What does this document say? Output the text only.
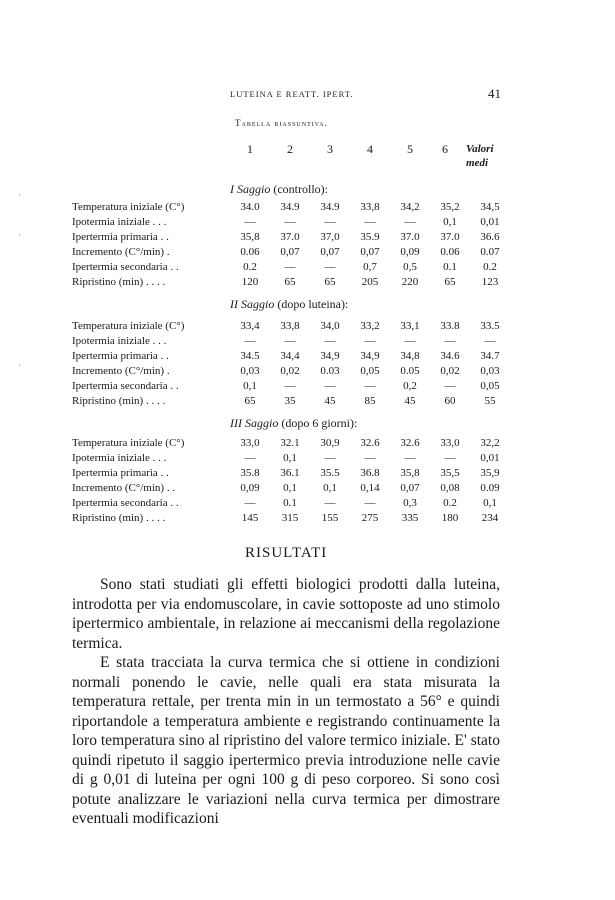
LUTEINA E REATT. IPERT.	41
Tabella riassuntiva.
1	2	3	4	5	6	Valori
medi
I Saggio (controllo):
Temperatura iniziale (C°)	34.0	34.9	34.9	33,8	34,2	35,2	34,5
Ipotermia iniziale . . .	—	—	—	—	—	0,1	0,01
Ipertermia primaria . .	35,8	37.0	37,0	35.9	37.0	37.0	36.6
Incremento (C°/min) .	0.06	0,07	0,07	0,07	0,09	0.06	0.07
Ipertermia secondaria . .	0.2	—	—	0,7	0,5	0.1	0.2
Ripristino (min) . . . .	120	65	65	205	220	65	123
II Saggio (dopo luteina):
Temperatura iniziale (C°)	33,4	33,8	34,0	33,2	33,1	33.8	33.5
Ipotermia iniziale . . .	—	—	—	—	—	—	—
Ipertermia primaria . .	34.5	34,4	34,9	34,9	34,8	34.6	34.7
Incremento (C°/min) .	0,03	0,02	0.03	0,05	0.05	0,02	0,03
Ipertermia secondaria . .	0,1	—	—	—	0,2	—	0,05
Ripristino (min) . . . .	65	35	45	85	45	60	55
III Saggio (dopo 6 giorni):
Temperatura iniziale (C°)	33,0	32.1	30,9	32.6	32.6	33,0	32,2
Ipotermia iniziale . . .	—	0,1	—	—	—	—	0,01
Ipertermia primaria . .	35.8	36.1	35.5	36.8	35,8	35,5	35,9
Incremento (C°/min) . .	0,09	0,1	0,1	0,14	0,07	0,08	0.09
Ipertermia secondaria . .	—	0.1	—	—	0,3	0.2	0,1
Ripristino (min) . . . .	145	315	155	275	335	180	234
RISULTATI

Sono stati studiati gli effetti biologici prodotti dalla luteina, introdotta per via endomuscolare, in cavie sottoposte ad uno stimolo ipertermico ambientale, in relazione ai meccanismi della regolazione termica.

E stata tracciata la curva termica che si ottiene in condizioni normali ponendo le cavie, nelle quali era stata misurata la temperatura rettale, per trenta min in un termostato a 56° e quindi riportandole a temperatura ambiente e registrando continuamente la loro temperatura sino al ripristino del valore termico iniziale. E' stato quindi ripetuto il saggio ipertermico previa introduzione nelle cavie di g 0,01 di luteina per ogni 100 g di peso corporeo. Si sono così potute analizzare le variazioni nella curva termica per dimostrare eventuali modificazioni

·
·
·
